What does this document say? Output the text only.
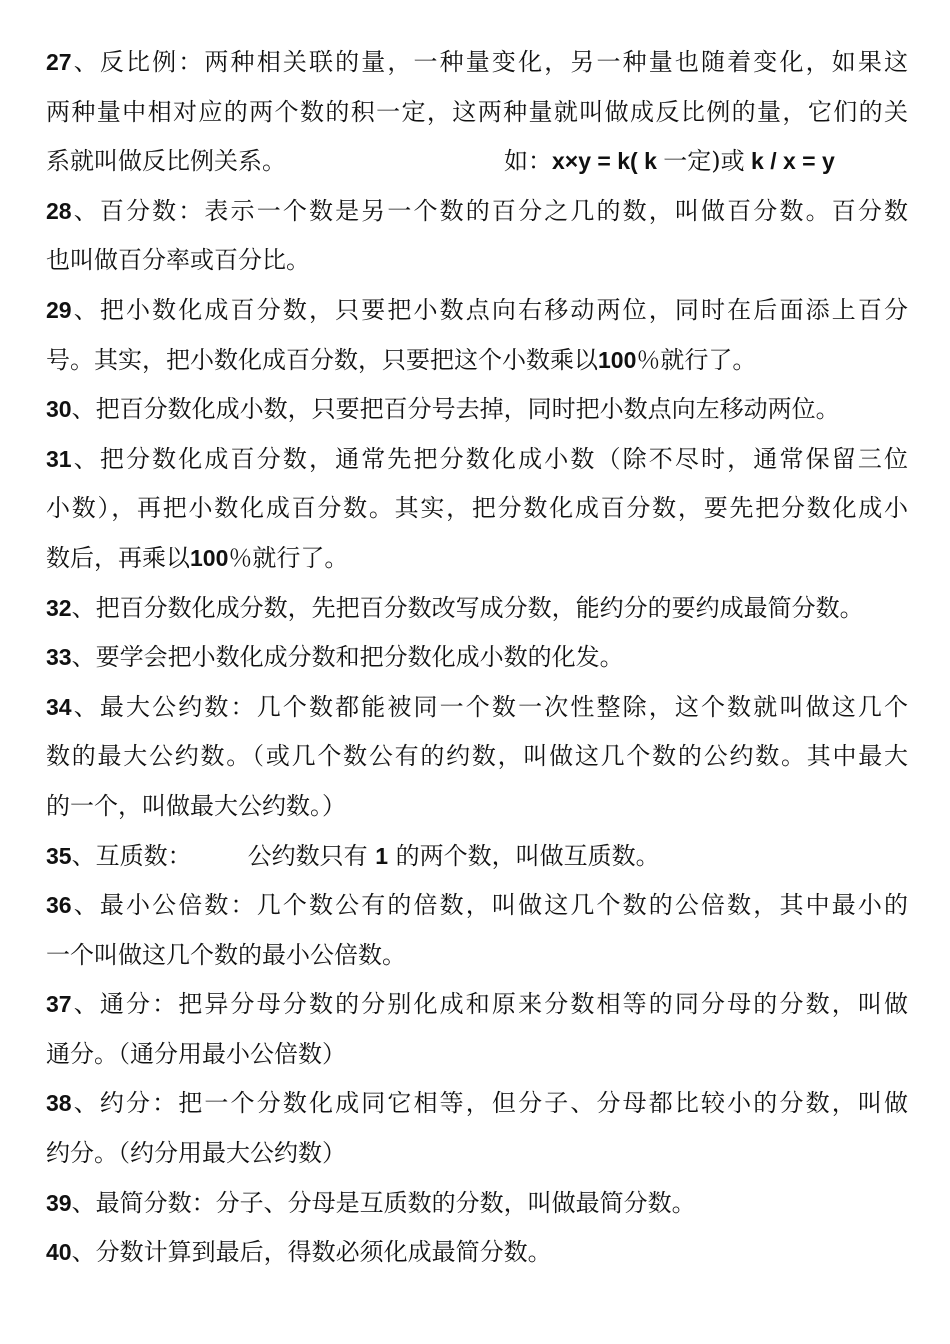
27、反比例：两种相关联的量，一种量变化，另一种量也随着变化，如果这
两种量中相对应的两个数的积一定，这两种量就叫做成反比例的量，它们的关
系就叫做反比例关系。	如：x×y = k( k 一定)或 k / x = y
28、百分数：表示一个数是另一个数的百分之几的数，叫做百分数。百分数
也叫做百分率或百分比。
29、把小数化成百分数，只要把小数点向右移动两位，同时在后面添上百分
号。其实，把小数化成百分数，只要把这个小数乘以100％就行了。
30、把百分数化成小数，只要把百分号去掉，同时把小数点向左移动两位。
31、把分数化成百分数，通常先把分数化成小数（除不尽时，通常保留三位
小数），再把小数化成百分数。其实，把分数化成百分数，要先把分数化成小
数后，再乘以100％就行了。
32、把百分数化成分数，先把百分数改写成分数，能约分的要约成最简分数。
33、要学会把小数化成分数和把分数化成小数的化发。
34、最大公约数：几个数都能被同一个数一次性整除，这个数就叫做这几个
数的最大公约数。（或几个数公有的约数，叫做这几个数的公约数。其中最大
的一个，叫做最大公约数。）
35、互质数： 公约数只有 1 的两个数，叫做互质数。
36、最小公倍数：几个数公有的倍数，叫做这几个数的公倍数，其中最小的
一个叫做这几个数的最小公倍数。
37、通分：把异分母分数的分别化成和原来分数相等的同分母的分数，叫做
通分。（通分用最小公倍数）
38、约分：把一个分数化成同它相等，但分子、分母都比较小的分数，叫做
约分。（约分用最大公约数）
39、最简分数：分子、分母是互质数的分数，叫做最简分数。
40、分数计算到最后，得数必须化成最简分数。
